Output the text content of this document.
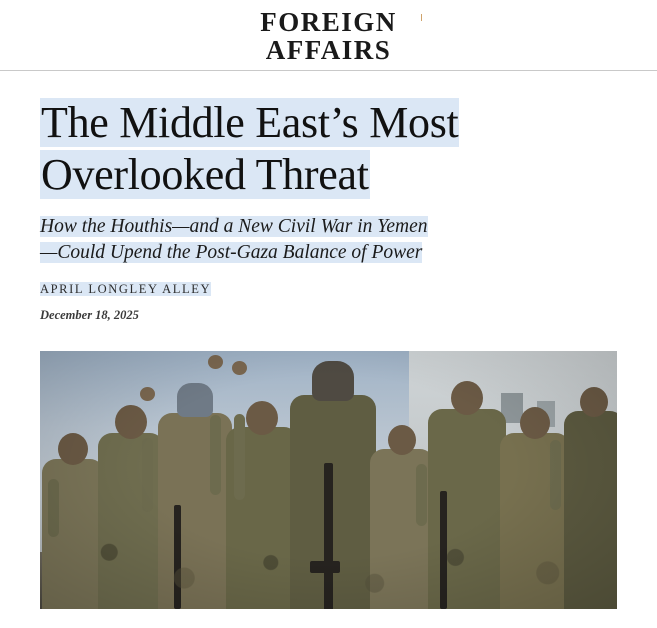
FOREIGN
AFFAIRS
The Middle East’s Most
Overlooked Threat
How the Houthis—and a New Civil War in Yemen
—Could Upend the Post-Gaza Balance of Power
APRIL LONGLEY ALLEY
December 18, 2025
